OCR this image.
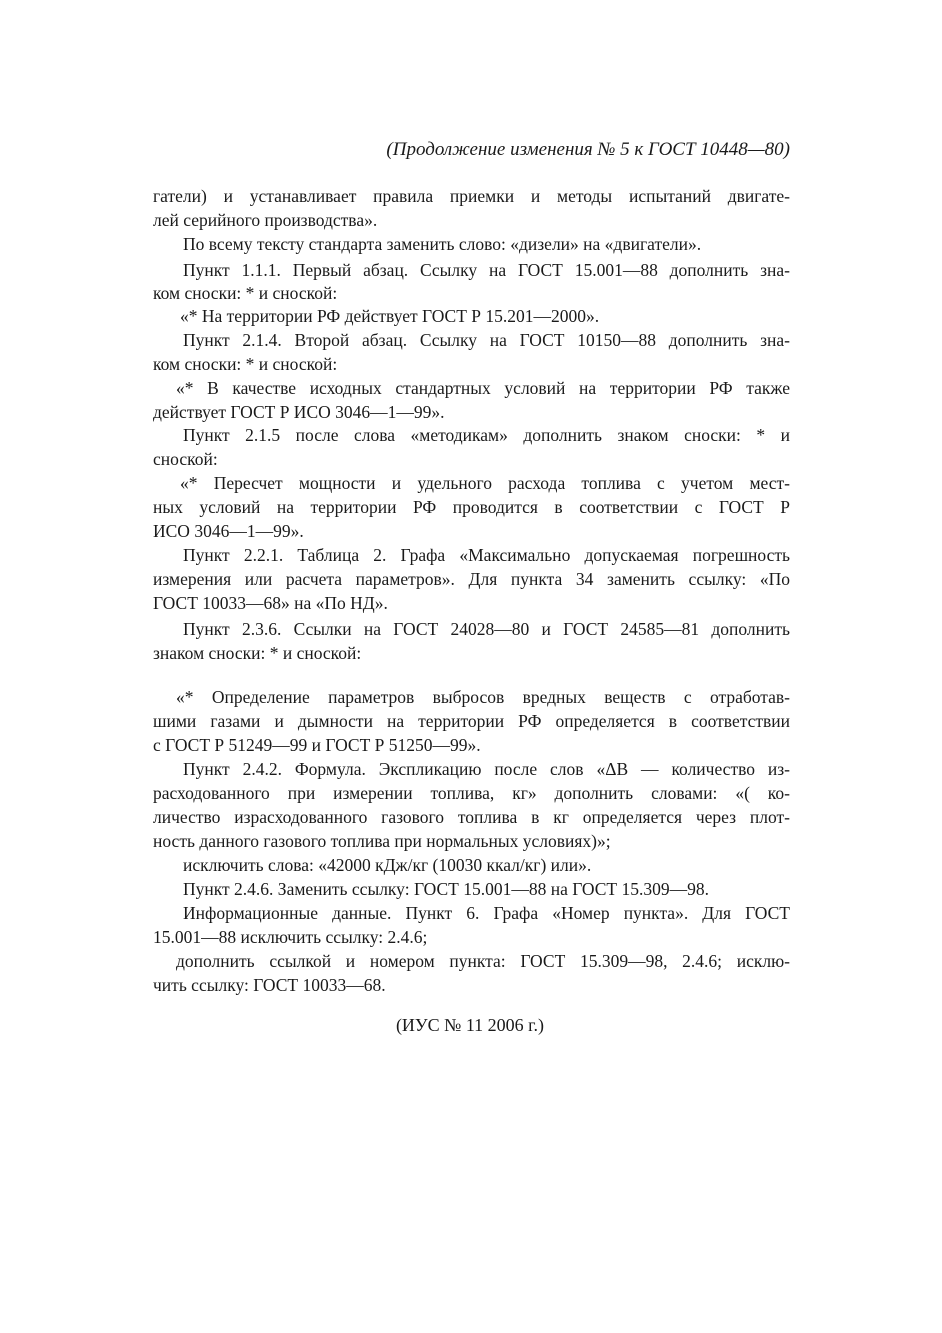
(Продолжение изменения № 5 к ГОСТ 10448—80)
гатели) и устанавливает правила приемки и методы испытаний двигате-
лей серийного производства».
По всему тексту стандарта заменить слово: «дизели» на «двигатели».
Пункт 1.1.1. Первый абзац. Ссылку на ГОСТ 15.001—88 дополнить зна-
ком сноски: * и сноской:
«* На территории РФ действует ГОСТ Р 15.201—2000».
Пункт 2.1.4. Второй абзац. Ссылку на ГОСТ 10150—88 дополнить зна-
ком сноски: * и сноской:
«* В качестве исходных стандартных условий на территории РФ также
действует ГОСТ Р ИСО 3046—1—99».
Пункт 2.1.5 после слова «методикам» дополнить знаком сноски: * и
сноской:
«* Пересчет мощности и удельного расхода топлива с учетом мест-
ных условий на территории РФ проводится в соответствии с ГОСТ Р
ИСО 3046—1—99».
Пункт 2.2.1. Таблица 2. Графа «Максимально допускаемая погрешность
измерения или расчета параметров». Для пункта 34 заменить ссылку: «По
ГОСТ 10033—68» на «По НД».
Пункт 2.3.6. Ссылки на ГОСТ 24028—80 и ГОСТ 24585—81 дополнить
знаком сноски: * и сноской:
«* Определение параметров выбросов вредных веществ с отработав-
шими газами и дымности на территории РФ определяется в соответствии
с ГОСТ Р 51249—99 и ГОСТ Р 51250—99».
Пункт 2.4.2. Формула. Экспликацию после слов «ΔB — количество из-
расходованного при измерении топлива, кг» дополнить словами: «( ко-
личество израсходованного газового топлива в кг определяется через плот-
ность данного газового топлива при нормальных условиях)»;
исключить слова: «42000 кДж/кг (10030 ккал/кг) или».
Пункт 2.4.6. Заменить ссылку: ГОСТ 15.001—88 на ГОСТ 15.309—98.
Информационные данные. Пункт 6. Графа «Номер пункта». Для ГОСТ
15.001—88 исключить ссылку: 2.4.6;
дополнить ссылкой и номером пункта: ГОСТ 15.309—98, 2.4.6; исклю-
чить ссылку: ГОСТ 10033—68.
(ИУС № 11 2006 г.)
